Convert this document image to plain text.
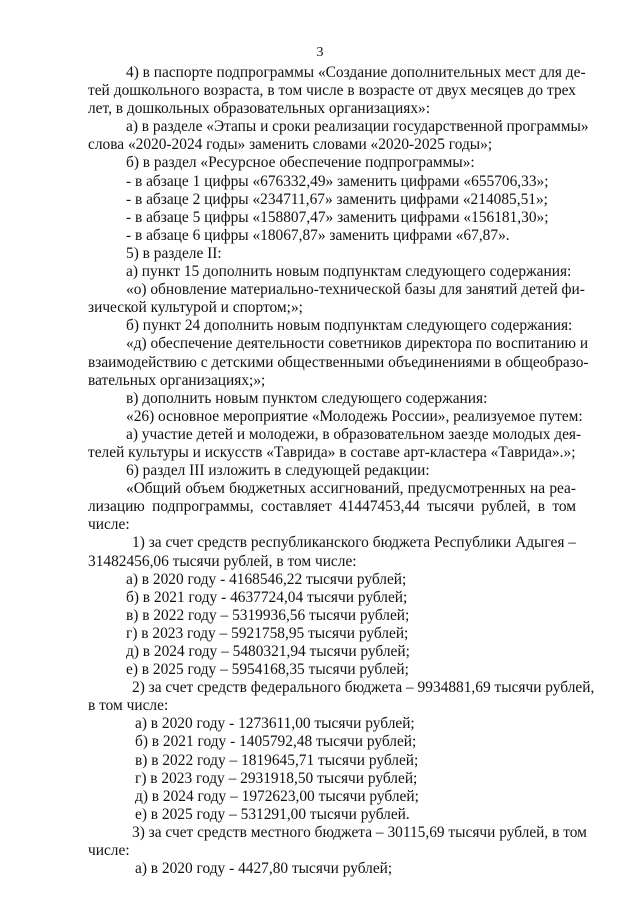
3
4) в паспорте подпрограммы «Создание дополнительных мест для де-
тей дошкольного возраста, в том числе в возрасте от двух месяцев до трех
лет, в дошкольных образовательных организациях»:
а) в разделе «Этапы и сроки реализации государственной программы»
слова «2020-2024 годы» заменить словами «2020-2025 годы»;
б) в раздел «Ресурсное обеспечение подпрограммы»:
- в абзаце 1 цифры «676332,49» заменить цифрами «655706,33»;
- в абзаце 2 цифры «234711,67» заменить цифрами «214085,51»;
- в абзаце 5 цифры «158807,47» заменить цифрами «156181,30»;
- в абзаце 6 цифры «18067,87» заменить цифрами «67,87».
5) в разделе II:
а) пункт 15 дополнить новым подпунктам следующего содержания:
«о) обновление материально-технической базы для занятий детей фи-
зической культурой и спортом;»;
б) пункт 24 дополнить новым подпунктам следующего содержания:
«д) обеспечение деятельности советников директора по воспитанию и
взаимодействию с детскими общественными объединениями в общеобразо-
вательных организациях;»;
в) дополнить новым пунктом следующего содержания:
«26) основное мероприятие «Молодежь России», реализуемое путем:
а) участие детей и молодежи, в образовательном заезде молодых дея-
телей культуры и искусств «Таврида» в составе арт-кластера «Таврида».»;
6) раздел III изложить в следующей редакции:
«Общий объем бюджетных ассигнований, предусмотренных на реа-
лизацию подпрограммы, составляет 41447453,44 тысячи рублей, в том
числе:
1) за счет средств республиканского бюджета Республики Адыгея –
31482456,06 тысячи рублей, в том числе:
а) в 2020 году - 4168546,22 тысячи рублей;
б) в 2021 году - 4637724,04 тысячи рублей;
в) в 2022 году – 5319936,56 тысячи рублей;
г) в 2023 году – 5921758,95 тысячи рублей;
д) в 2024 году – 5480321,94 тысячи рублей;
е) в 2025 году – 5954168,35 тысячи рублей;
2) за счет средств федерального бюджета – 9934881,69 тысячи рублей,
в том числе:
а) в 2020 году - 1273611,00 тысячи рублей;
б) в 2021 году - 1405792,48 тысячи рублей;
в) в 2022 году – 1819645,71 тысячи рублей;
г) в 2023 году – 2931918,50 тысячи рублей;
д) в 2024 году – 1972623,00 тысячи рублей;
е) в 2025 году – 531291,00 тысячи рублей.
3) за счет средств местного бюджета – 30115,69 тысячи рублей, в том
числе:
а) в 2020 году - 4427,80 тысячи рублей;
